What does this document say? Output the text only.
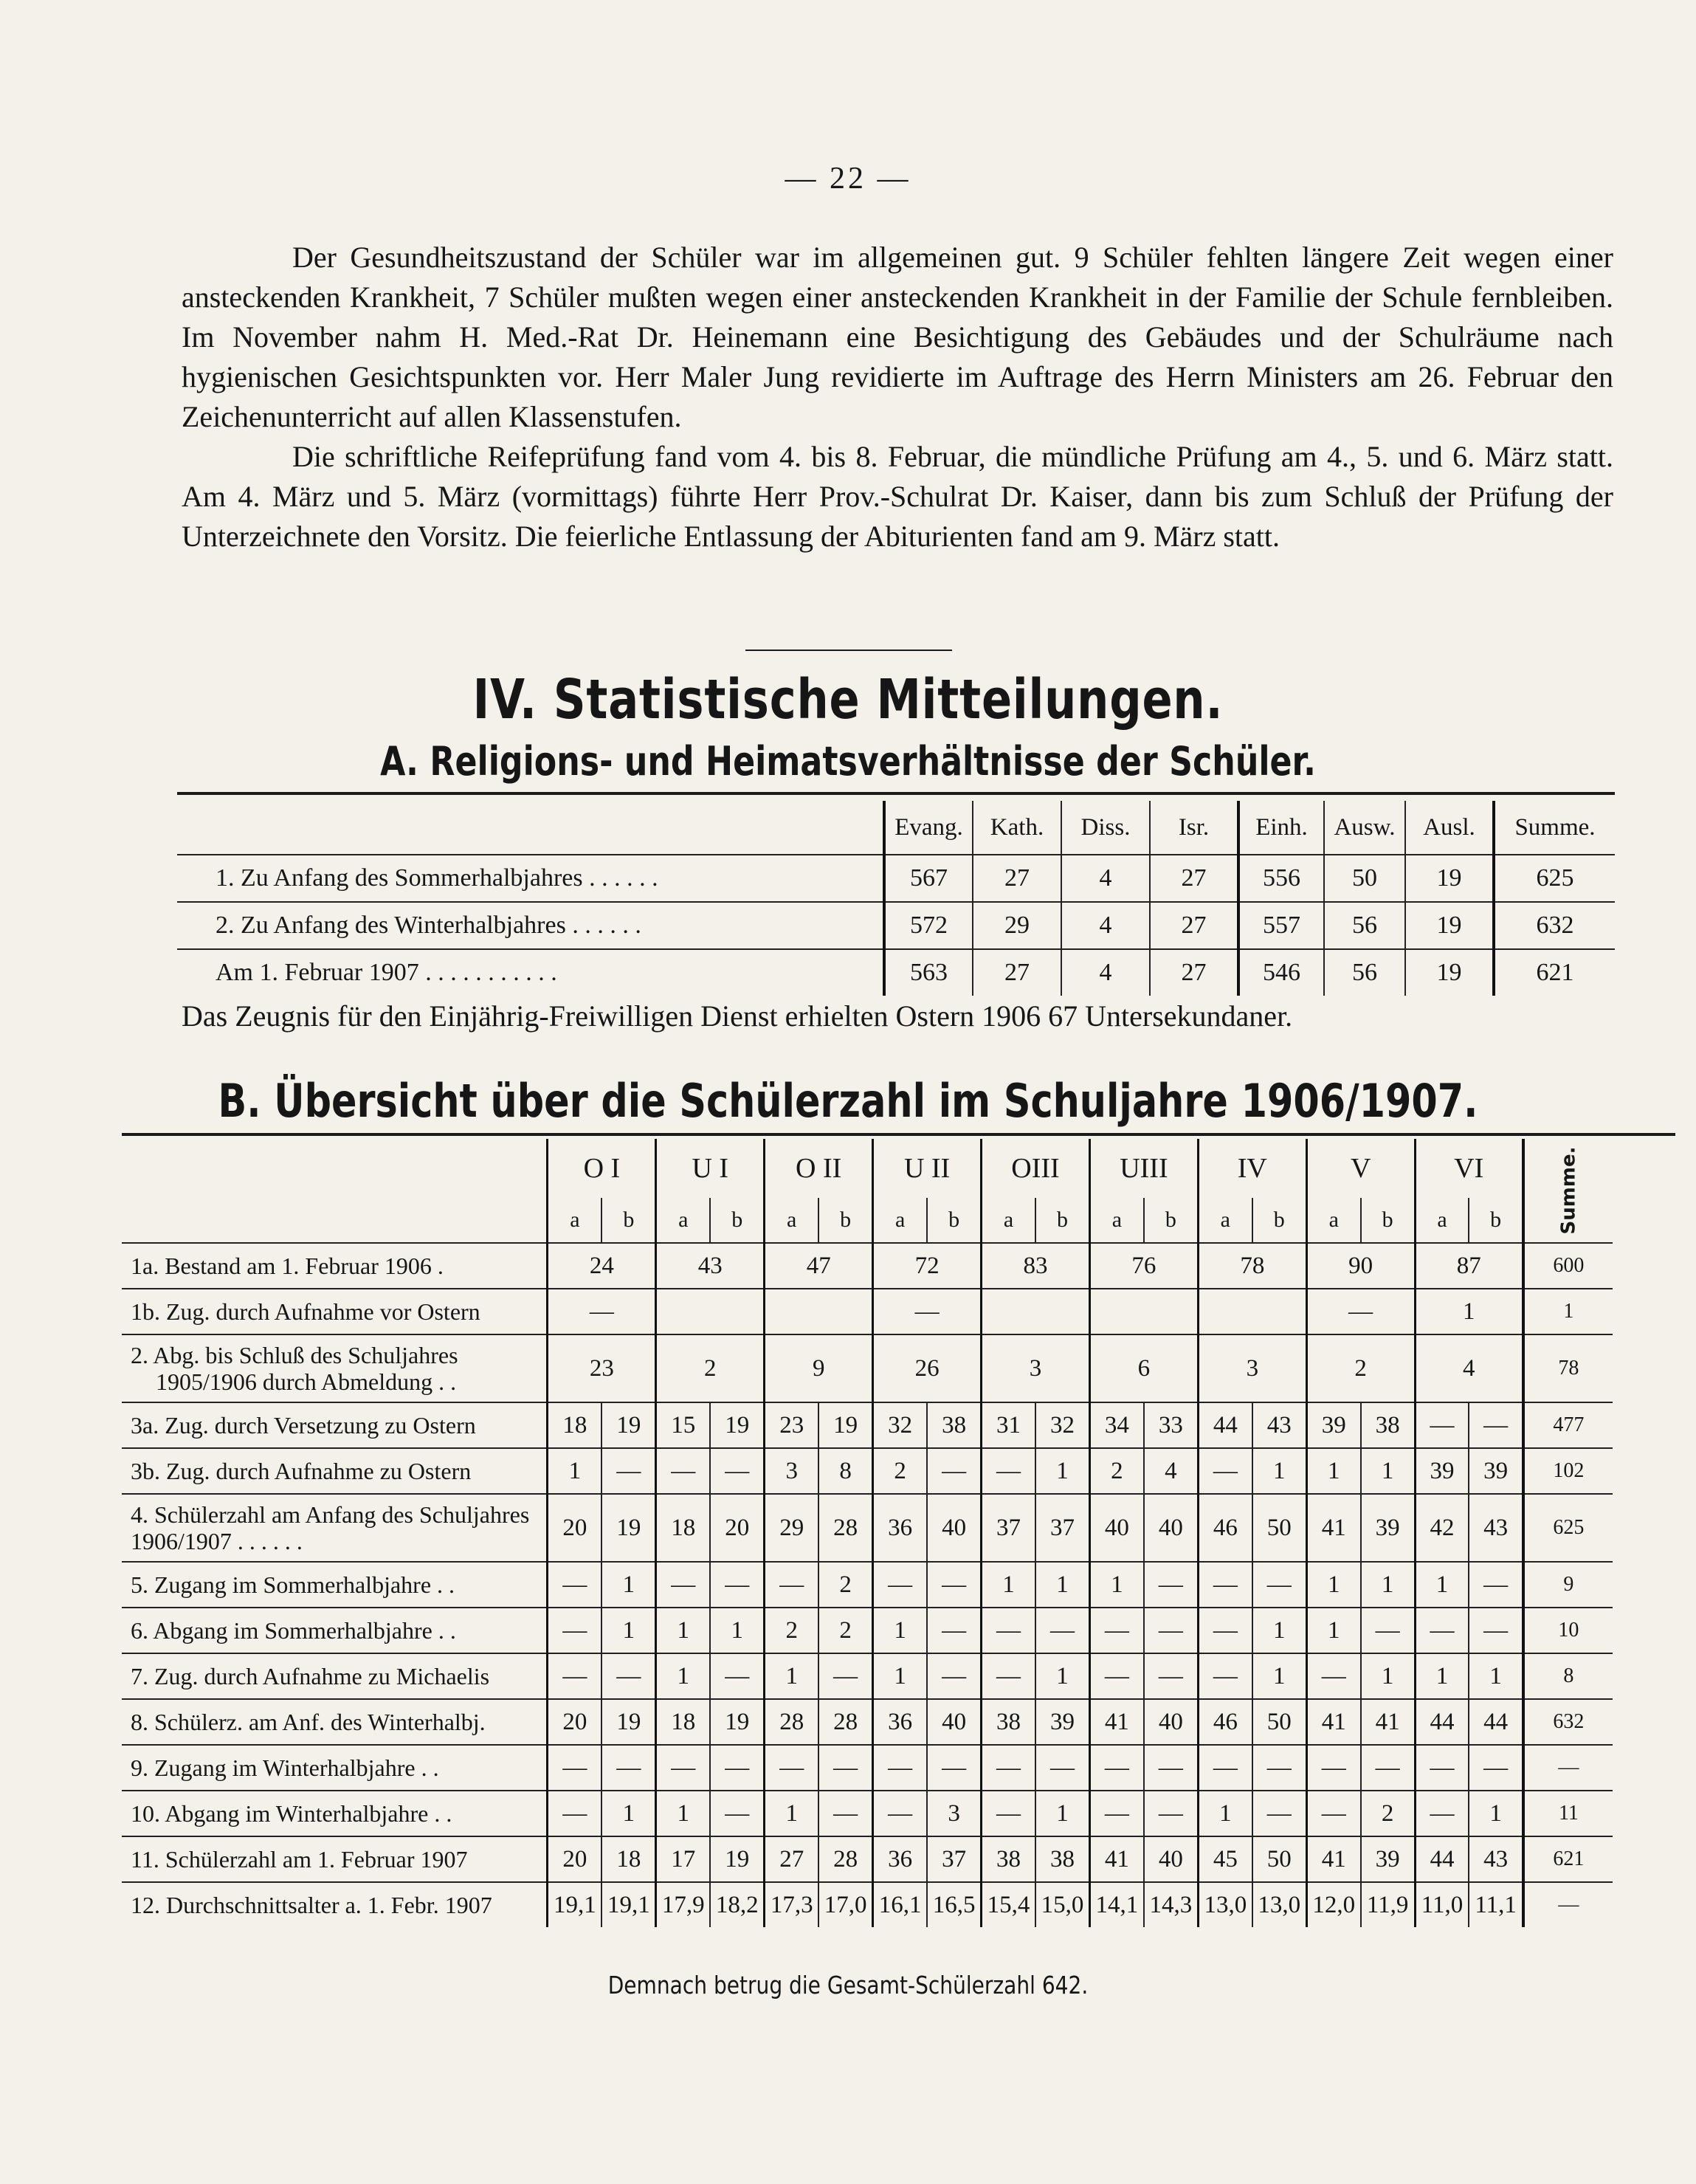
— 22 —

Der Gesundheitszustand der Schüler war im allgemeinen gut. 9 Schüler fehlten längere Zeit wegen einer ansteckenden Krankheit, 7 Schüler mußten wegen einer ansteckenden Krankheit in der Familie der Schule fernbleiben. Im November nahm H. Med.-Rat Dr. Heinemann eine Besichtigung des Gebäudes und der Schulräume nach hygienischen Gesichtspunkten vor. Herr Maler Jung revidierte im Auftrage des Herrn Ministers am 26. Februar den Zeichenunterricht auf allen Klassenstufen.

Die schriftliche Reifeprüfung fand vom 4. bis 8. Februar, die mündliche Prüfung am 4., 5. und 6. März statt. Am 4. März und 5. März (vormittags) führte Herr Prov.-Schulrat Dr. Kaiser, dann bis zum Schluß der Prüfung der Unterzeichnete den Vorsitz. Die feierliche Entlassung der Abiturienten fand am 9. März statt.

IV. Statistische Mitteilungen.
A. Religions- und Heimatsverhältnisse der Schüler.
	Evang.	Kath.	Diss.	Isr.	Einh.	Ausw.	Ausl.	Summe.
1. Zu Anfang des Sommerhalbjahres . . . . . .	567	27	4	27	556	50	19	625
2. Zu Anfang des Winterhalbjahres . . . . . .	572	29	4	27	557	56	19	632
Am 1. Februar 1907 . . . . . . . . . . .	563	27	4	27	546	56	19	621
Das Zeugnis für den Einjährig-Freiwilligen Dienst erhielten Ostern 1906 67 Untersekundaner.
B. Übersicht über die Schülerzahl im Schuljahre 1906/1907.
	O I		U I		O II		U II		OIII		UIII		IV		V		VI		Summe.

	a	b	a	b	a	b	a	b	a	b	a	b	a	b	a	b	a	b	
1a. Bestand am 1. Februar 1906 .	24		43		47		72		83		76		78		90		87		600
1b. Zug. durch Aufnahme vor Ostern	—						—								—		1		1

2. Abg. bis Schluß des Schuljahres
1905/1906 durch Abmeldung . .	23		2		9		26		3		6		3		2		4		78
3a. Zug. durch Versetzung zu Ostern	18	19	15	19	23	19	32	38	31	32	34	33	44	43	39	38	—	—	477
3b. Zug. durch Aufnahme zu Ostern	1	—	—	—	3	8	2	—	—	1	2	4	—	1	1	1	39	39	102
4. Schülerzahl am Anfang des Schuljahres 1906/1907 . . . . . .	20	19	18	20	29	28	36	40	37	37	40	40	46	50	41	39	42	43	625
5. Zugang im Sommerhalbjahre . .	—	1	—	—	—	2	—	—	1	1	1	—	—	—	1	1	1	—	9
6. Abgang im Sommerhalbjahre . .	—	1	1	1	2	2	1	—	—	—	—	—	—	1	1	—	—	—	10
7. Zug. durch Aufnahme zu Michaelis	—	—	1	—	1	—	1	—	—	1	—	—	—	1	—	1	1	1	8
8. Schülerz. am Anf. des Winterhalbj.	20	19	18	19	28	28	36	40	38	39	41	40	46	50	41	41	44	44	632
9. Zugang im Winterhalbjahre . .	—	—	—	—	—	—	—	—	—	—	—	—	—	—	—	—	—	—	—
10. Abgang im Winterhalbjahre . .	—	1	1	—	1	—	—	3	—	1	—	—	1	—	—	2	—	1	11
11. Schülerzahl am 1. Februar 1907	20	18	17	19	27	28	36	37	38	38	41	40	45	50	41	39	44	43	621
12. Durchschnittsalter a. 1. Febr. 1907	19,1	19,1	17,9	18,2	17,3	17,0	16,1	16,5	15,4	15,0	14,1	14,3	13,0	13,0	12,0	11,9	11,0	11,1	—
Demnach betrug die Gesamt-Schülerzahl 642.
